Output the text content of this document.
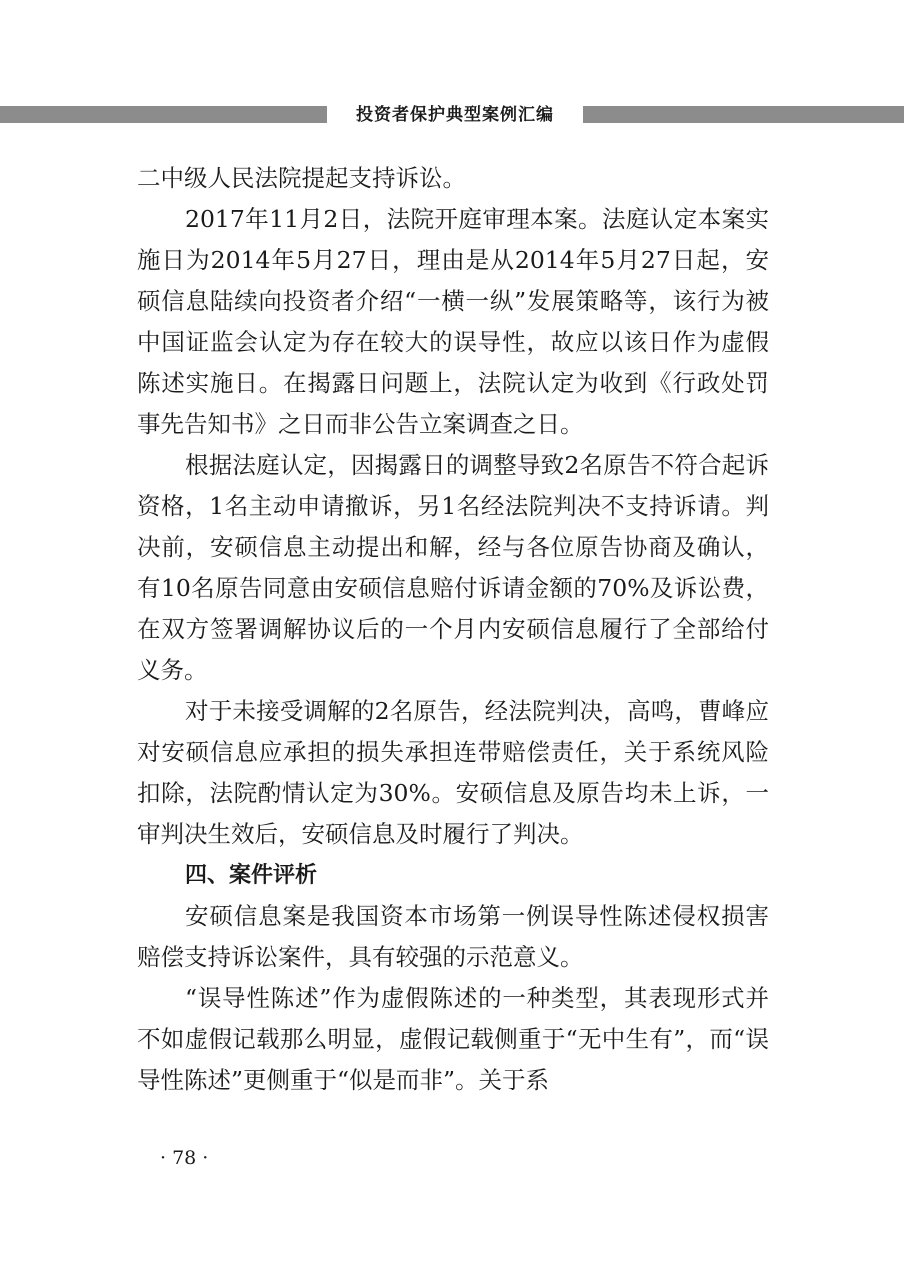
投资者保护典型案例汇编

二中级人民法院提起支持诉讼。

2017年11月2日，法院开庭审理本案。法庭认定本案实施日为2014年5月27日，理由是从2014年5月27日起，安硕信息陆续向投资者介绍“一横一纵”发展策略等，该行为被中国证监会认定为存在较大的误导性，故应以该日作为虚假陈述实施日。在揭露日问题上，法院认定为收到《行政处罚事先告知书》之日而非公告立案调查之日。

根据法庭认定，因揭露日的调整导致2名原告不符合起诉资格，1名主动申请撤诉，另1名经法院判决不支持诉请。判决前，安硕信息主动提出和解，经与各位原告协商及确认，有10名原告同意由安硕信息赔付诉请金额的70%及诉讼费，在双方签署调解协议后的一个月内安硕信息履行了全部给付义务。

对于未接受调解的2名原告，经法院判决，高鸣，曹峰应对安硕信息应承担的损失承担连带赔偿责任，关于系统风险扣除，法院酌情认定为30%。安硕信息及原告均未上诉，一审判决生效后，安硕信息及时履行了判决。

四、案件评析

安硕信息案是我国资本市场第一例误导性陈述侵权损害赔偿支持诉讼案件，具有较强的示范意义。

“误导性陈述”作为虚假陈述的一种类型，其表现形式并不如虚假记载那么明显，虚假记载侧重于“无中生有”，而“误导性陈述”更侧重于“似是而非”。关于系

· 78 ·
